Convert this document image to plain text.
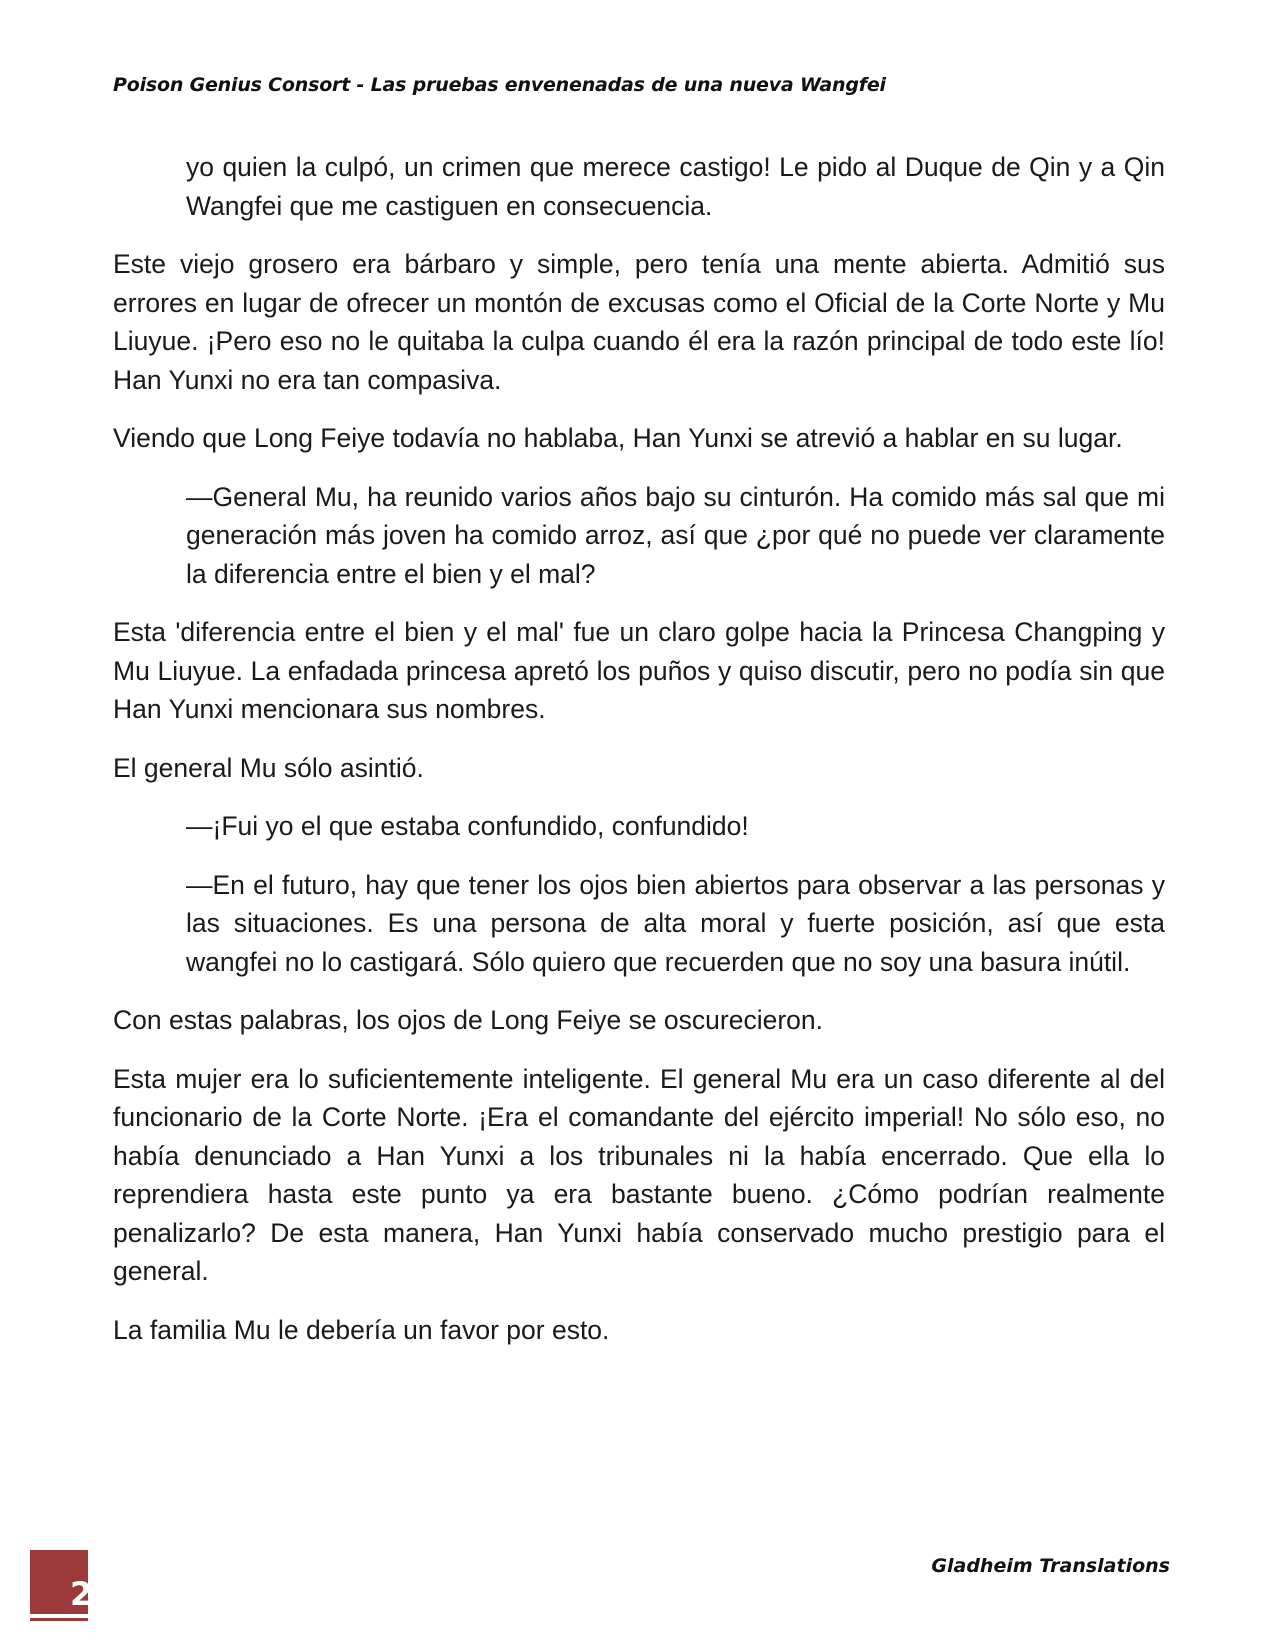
Poison Genius Consort - Las pruebas envenenadas de una nueva Wangfei

yo quien la culpó, un crimen que merece castigo! Le pido al Duque de Qin y a Qin Wangfei que me castiguen en consecuencia.

Este viejo grosero era bárbaro y simple, pero tenía una mente abierta. Admitió sus errores en lugar de ofrecer un montón de excusas como el Oficial de la Corte Norte y Mu Liuyue. ¡Pero eso no le quitaba la culpa cuando él era la razón principal de todo este lío! Han Yunxi no era tan compasiva.

Viendo que Long Feiye todavía no hablaba, Han Yunxi se atrevió a hablar en su lugar.

—General Mu, ha reunido varios años bajo su cinturón. Ha comido más sal que mi generación más joven ha comido arroz, así que ¿por qué no puede ver claramente la diferencia entre el bien y el mal?

Esta 'diferencia entre el bien y el mal' fue un claro golpe hacia la Princesa Changping y Mu Liuyue. La enfadada princesa apretó los puños y quiso discutir, pero no podía sin que Han Yunxi mencionara sus nombres.

El general Mu sólo asintió.

—¡Fui yo el que estaba confundido, confundido!

—En el futuro, hay que tener los ojos bien abiertos para observar a las personas y las situaciones. Es una persona de alta moral y fuerte posición, así que esta wangfei no lo castigará. Sólo quiero que recuerden que no soy una basura inútil.

Con estas palabras, los ojos de Long Feiye se oscurecieron.

Esta mujer era lo suficientemente inteligente. El general Mu era un caso diferente al del funcionario de la Corte Norte. ¡Era el comandante del ejército imperial! No sólo eso, no había denunciado a Han Yunxi a los tribunales ni la había encerrado. Que ella lo reprendiera hasta este punto ya era bastante bueno. ¿Cómo podrían realmente penalizarlo? De esta manera, Han Yunxi había conservado mucho prestigio para el general.

La familia Mu le debería un favor por esto.

2
Gladheim Translations
